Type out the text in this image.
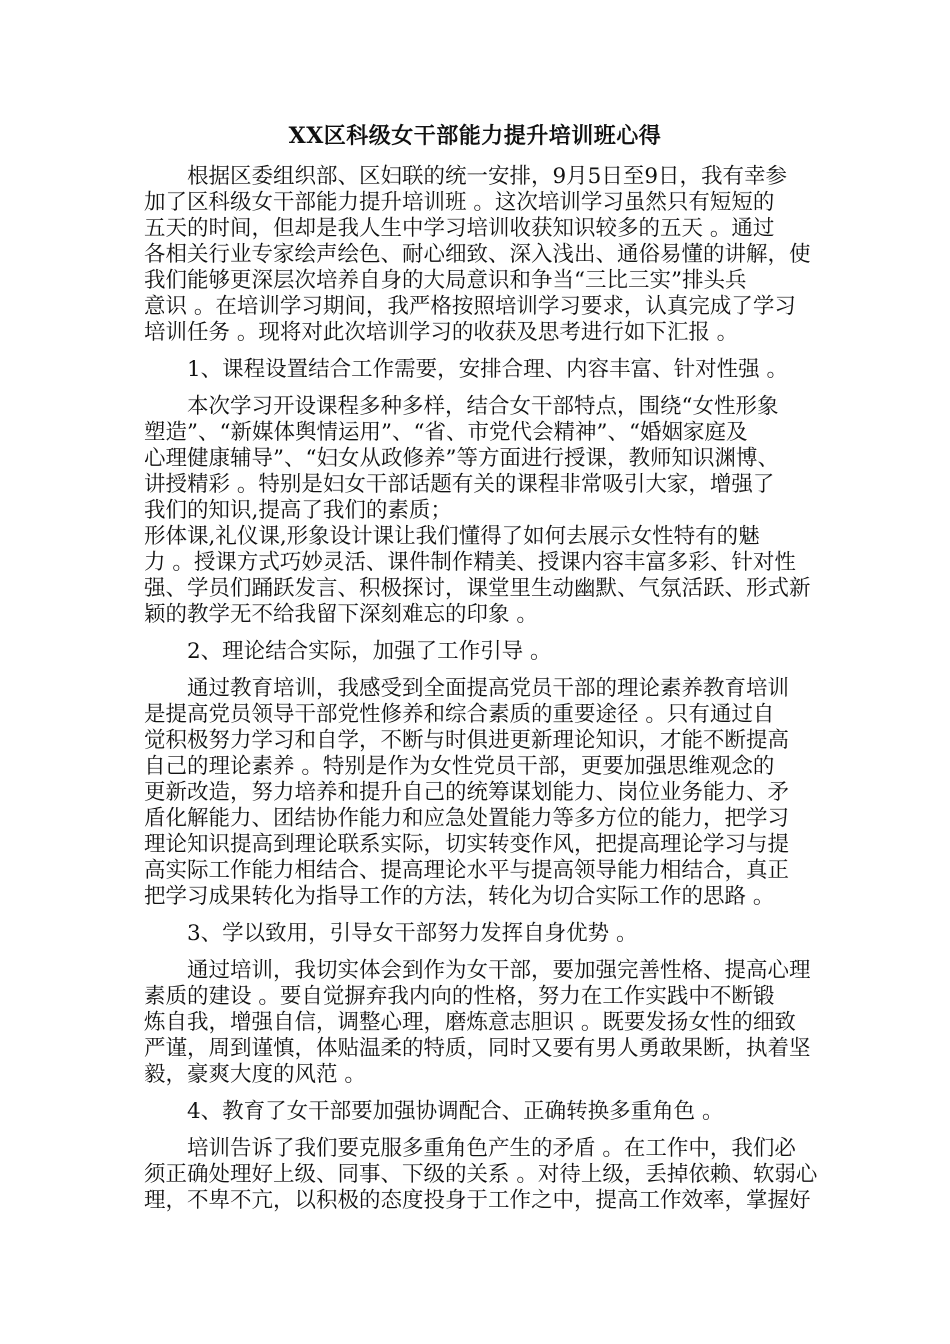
XX区科级女干部能力提升培训班心得
　　根据区委组织部、区妇联的统一安排，9月5日至9日，我有幸参
加了区科级女干部能力提升培训班 。这次培训学习虽然只有短短的
五天的时间，但却是我人生中学习培训收获知识较多的五天 。通过
各相关行业专家绘声绘色、耐心细致、深入浅出、通俗易懂的讲解，使
我们能够更深层次培养自身的大局意识和争当“三比三实”排头兵
意识 。在培训学习期间，我严格按照培训学习要求，认真完成了学习
培训任务 。现将对此次培训学习的收获及思考进行如下汇报 。
　　1、课程设置结合工作需要，安排合理、内容丰富、针对性强 。
　　本次学习开设课程多种多样，结合女干部特点，围绕“女性形象
塑造”、“新媒体舆情运用”、“省、市党代会精神”、“婚姻家庭及
心理健康辅导”、“妇女从政修养”等方面进行授课，教师知识渊博、
讲授精彩 。特别是妇女干部话题有关的课程非常吸引大家，增强了
我们的知识,提高了我们的素质；
形体课,礼仪课,形象设计课让我们懂得了如何去展示女性特有的魅
力 。授课方式巧妙灵活、课件制作精美、授课内容丰富多彩、针对性
强、学员们踊跃发言、积极探讨，课堂里生动幽默、气氛活跃、形式新
颖的教学无不给我留下深刻难忘的印象 。
　　2、理论结合实际，加强了工作引导 。
　　通过教育培训，我感受到全面提高党员干部的理论素养教育培训
是提高党员领导干部党性修养和综合素质的重要途径 。只有通过自
觉积极努力学习和自学，不断与时俱进更新理论知识，才能不断提高
自己的理论素养 。特别是作为女性党员干部，更要加强思维观念的
更新改造，努力培养和提升自己的统筹谋划能力、岗位业务能力、矛
盾化解能力、团结协作能力和应急处置能力等多方位的能力，把学习
理论知识提高到理论联系实际，切实转变作风，把提高理论学习与提
高实际工作能力相结合、提高理论水平与提高领导能力相结合，真正
把学习成果转化为指导工作的方法，转化为切合实际工作的思路 。
　　3、学以致用，引导女干部努力发挥自身优势 。
　　通过培训，我切实体会到作为女干部，要加强完善性格、提高心理
素质的建设 。要自觉摒弃我内向的性格，努力在工作实践中不断锻
炼自我，增强自信，调整心理，磨炼意志胆识 。既要发扬女性的细致
严谨，周到谨慎，体贴温柔的特质，同时又要有男人勇敢果断，执着坚
毅，豪爽大度的风范 。
　　4、教育了女干部要加强协调配合、正确转换多重角色 。
　　培训告诉了我们要克服多重角色产生的矛盾 。在工作中，我们必
须正确处理好上级、同事、下级的关系 。对待上级，丢掉依赖、软弱心
理，不卑不亢，以积极的态度投身于工作之中，提高工作效率，掌握好
